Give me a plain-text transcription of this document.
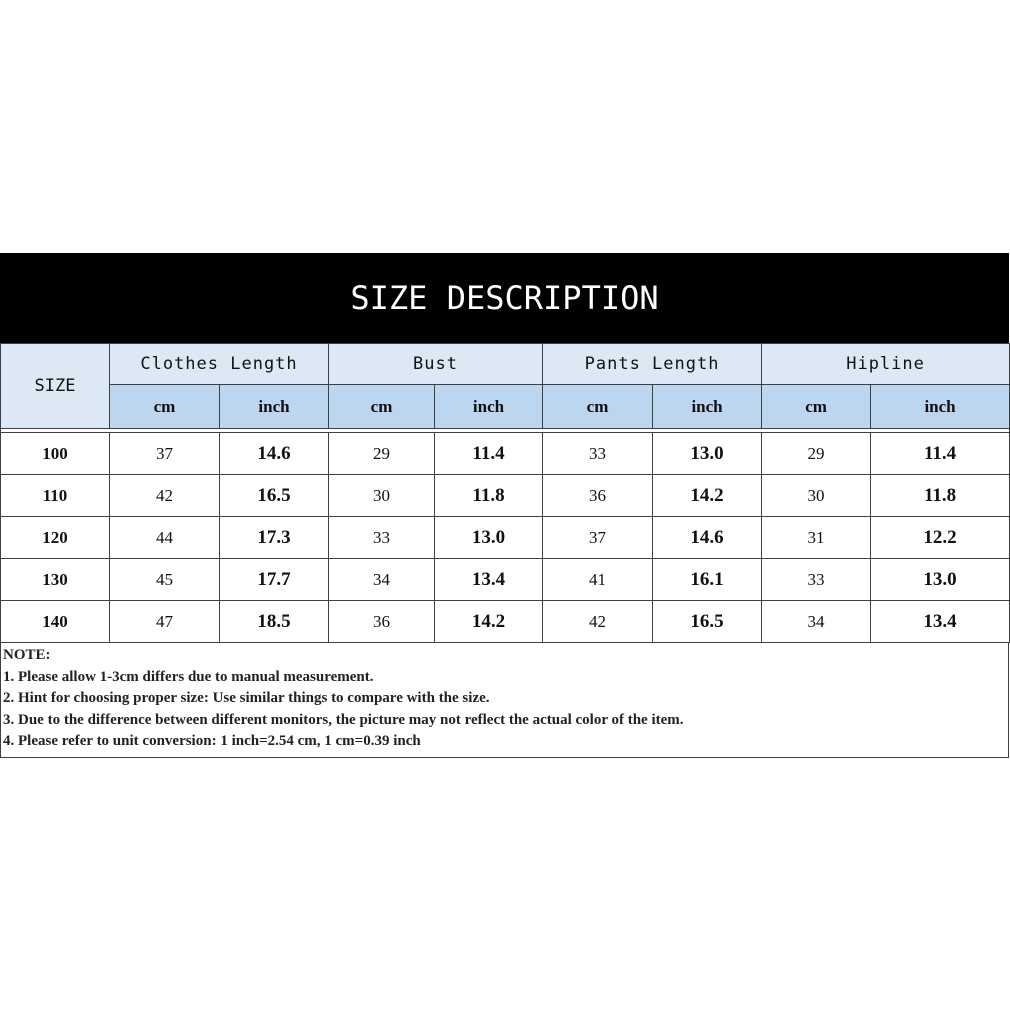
SIZE DESCRIPTION
SIZE	Clothes Length		Bust		Pants Length		Hipline	
	cm	inch	cm	inch	cm	inch	cm	inch

100	37	14.6	29	11.4	33	13.0	29	11.4
110	42	16.5	30	11.8	36	14.2	30	11.8
120	44	17.3	33	13.0	37	14.6	31	12.2
130	45	17.7	34	13.4	41	16.1	33	13.0
140	47	18.5	36	14.2	42	16.5	34	13.4
NOTE:
1. Please allow 1-3cm differs due to manual measurement.
2. Hint for choosing proper size: Use similar things to compare with the size.
3. Due to the difference between different monitors, the picture may not reflect the actual color of the item.
4. Please refer to unit conversion: 1 inch=2.54 cm, 1 cm=0.39 inch
